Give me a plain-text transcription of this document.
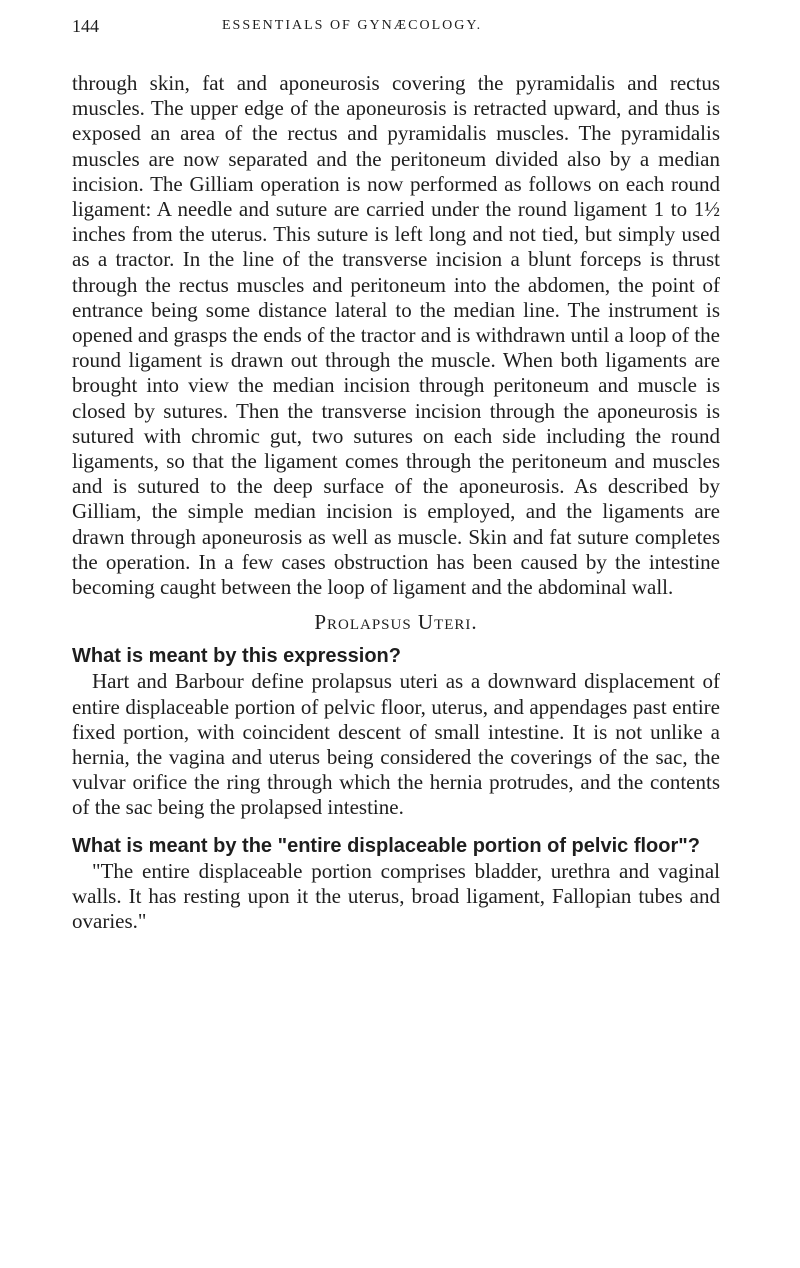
144	ESSENTIALS OF GYNÆCOLOGY.

through skin, fat and aponeurosis covering the pyramidalis and rectus muscles. The upper edge of the aponeurosis is retracted upward, and thus is exposed an area of the rectus and pyramidalis muscles. The pyramidalis muscles are now separated and the peritoneum divided also by a median incision. The Gilliam operation is now performed as follows on each round ligament: A needle and suture are carried under the round ligament 1 to 1½ inches from the uterus. This suture is left long and not tied, but simply used as a tractor. In the line of the transverse incision a blunt forceps is thrust through the rectus muscles and peritoneum into the abdomen, the point of entrance being some distance lateral to the median line. The instrument is opened and grasps the ends of the tractor and is withdrawn until a loop of the round ligament is drawn out through the muscle. When both ligaments are brought into view the median incision through peritoneum and muscle is closed by sutures. Then the transverse incision through the aponeurosis is sutured with chromic gut, two sutures on each side including the round ligaments, so that the ligament comes through the peritoneum and muscles and is sutured to the deep surface of the aponeurosis. As described by Gilliam, the simple median incision is employed, and the ligaments are drawn through aponeurosis as well as muscle. Skin and fat suture completes the operation. In a few cases obstruction has been caused by the intestine becoming caught between the loop of ligament and the abdominal wall.

Prolapsus Uteri.

What is meant by this expression?

Hart and Barbour define prolapsus uteri as a downward displacement of entire displaceable portion of pelvic floor, uterus, and appendages past entire fixed portion, with coincident descent of small intestine. It is not unlike a hernia, the vagina and uterus being considered the coverings of the sac, the vulvar orifice the ring through which the hernia protrudes, and the contents of the sac being the prolapsed intestine.

What is meant by the "entire displaceable portion of pelvic floor"?

"The entire displaceable portion comprises bladder, urethra and vaginal walls. It has resting upon it the uterus, broad ligament, Fallopian tubes and ovaries."
